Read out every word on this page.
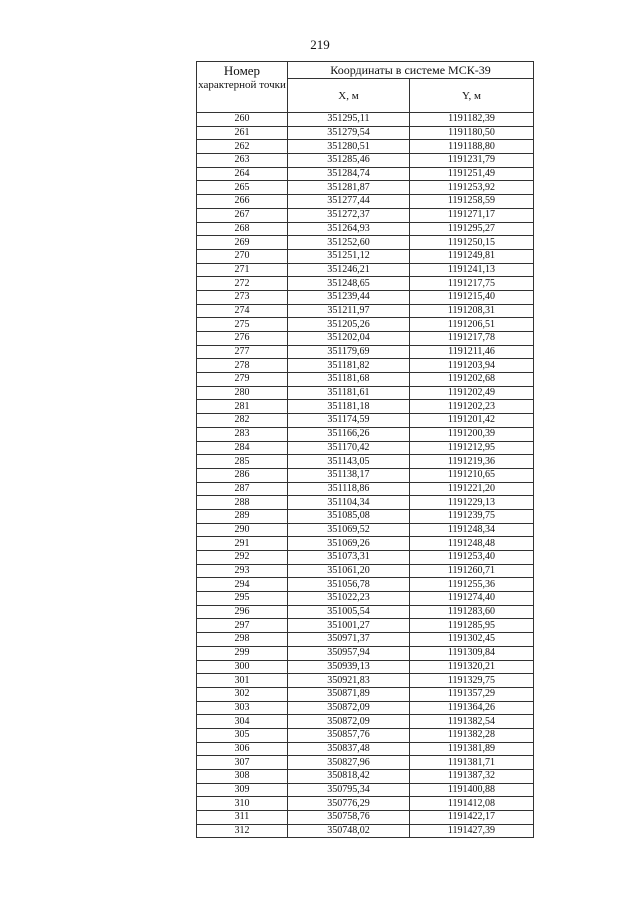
219
Номер
характерной точки	Координаты в системе МСК-39	
	X, м	Y, м
260	351295,11	1191182,39
261	351279,54	1191180,50
262	351280,51	1191188,80
263	351285,46	1191231,79
264	351284,74	1191251,49
265	351281,87	1191253,92
266	351277,44	1191258,59
267	351272,37	1191271,17
268	351264,93	1191295,27
269	351252,60	1191250,15
270	351251,12	1191249,81
271	351246,21	1191241,13
272	351248,65	1191217,75
273	351239,44	1191215,40
274	351211,97	1191208,31
275	351205,26	1191206,51
276	351202,04	1191217,78
277	351179,69	1191211,46
278	351181,82	1191203,94
279	351181,68	1191202,68
280	351181,61	1191202,49
281	351181,18	1191202,23
282	351174,59	1191201,42
283	351166,26	1191200,39
284	351170,42	1191212,95
285	351143,05	1191219,36
286	351138,17	1191210,65
287	351118,86	1191221,20
288	351104,34	1191229,13
289	351085,08	1191239,75
290	351069,52	1191248,34
291	351069,26	1191248,48
292	351073,31	1191253,40
293	351061,20	1191260,71
294	351056,78	1191255,36
295	351022,23	1191274,40
296	351005,54	1191283,60
297	351001,27	1191285,95
298	350971,37	1191302,45
299	350957,94	1191309,84
300	350939,13	1191320,21
301	350921,83	1191329,75
302	350871,89	1191357,29
303	350872,09	1191364,26
304	350872,09	1191382,54
305	350857,76	1191382,28
306	350837,48	1191381,89
307	350827,96	1191381,71
308	350818,42	1191387,32
309	350795,34	1191400,88
310	350776,29	1191412,08
311	350758,76	1191422,17
312	350748,02	1191427,39
